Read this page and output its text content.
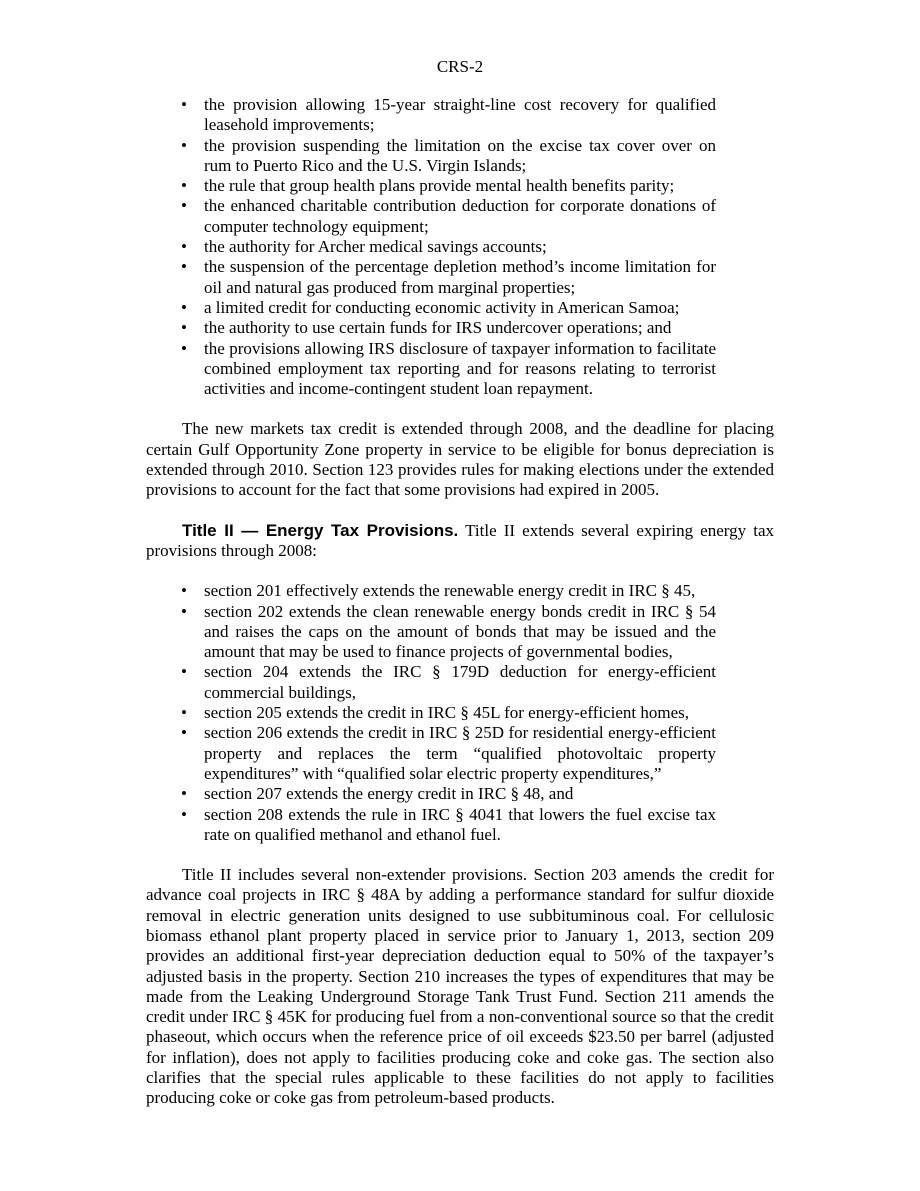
CRS-2
• the provision allowing 15-year straight-line cost recovery for qualified leasehold improvements;
• the provision suspending the limitation on the excise tax cover over on rum to Puerto Rico and the U.S. Virgin Islands;
• the rule that group health plans provide mental health benefits parity;
• the enhanced charitable contribution deduction for corporate donations of computer technology equipment;
• the authority for Archer medical savings accounts;
• the suspension of the percentage depletion method’s income limitation for oil and natural gas produced from marginal properties;
• a limited credit for conducting economic activity in American Samoa;
• the authority to use certain funds for IRS undercover operations; and
• the provisions allowing IRS disclosure of taxpayer information to facilitate combined employment tax reporting and for reasons relating to terrorist activities and income-contingent student loan repayment.

The new markets tax credit is extended through 2008, and the deadline for placing certain Gulf Opportunity Zone property in service to be eligible for bonus depreciation is extended through 2010. Section 123 provides rules for making elections under the extended provisions to account for the fact that some provisions had expired in 2005.

Title II — Energy Tax Provisions. Title II extends several expiring energy tax provisions through 2008:

• section 201 effectively extends the renewable energy credit in IRC § 45,
• section 202 extends the clean renewable energy bonds credit in IRC § 54 and raises the caps on the amount of bonds that may be issued and the amount that may be used to finance projects of governmental bodies,
• section 204 extends the IRC § 179D deduction for energy-efficient commercial buildings,
• section 205 extends the credit in IRC § 45L for energy-efficient homes,
• section 206 extends the credit in IRC § 25D for residential energy-efficient property and replaces the term “qualified photovoltaic property expenditures” with “qualified solar electric property expenditures,”
• section 207 extends the energy credit in IRC § 48, and
• section 208 extends the rule in IRC § 4041 that lowers the fuel excise tax rate on qualified methanol and ethanol fuel.

Title II includes several non-extender provisions. Section 203 amends the credit for advance coal projects in IRC § 48A by adding a performance standard for sulfur dioxide removal in electric generation units designed to use subbituminous coal. For cellulosic biomass ethanol plant property placed in service prior to January 1, 2013, section 209 provides an additional first-year depreciation deduction equal to 50% of the taxpayer’s adjusted basis in the property. Section 210 increases the types of expenditures that may be made from the Leaking Underground Storage Tank Trust Fund. Section 211 amends the credit under IRC § 45K for producing fuel from a non-conventional source so that the credit phaseout, which occurs when the reference price of oil exceeds $23.50 per barrel (adjusted for inflation), does not apply to facilities producing coke and coke gas. The section also clarifies that the special rules applicable to these facilities do not apply to facilities producing coke or coke gas from petroleum-based products.
